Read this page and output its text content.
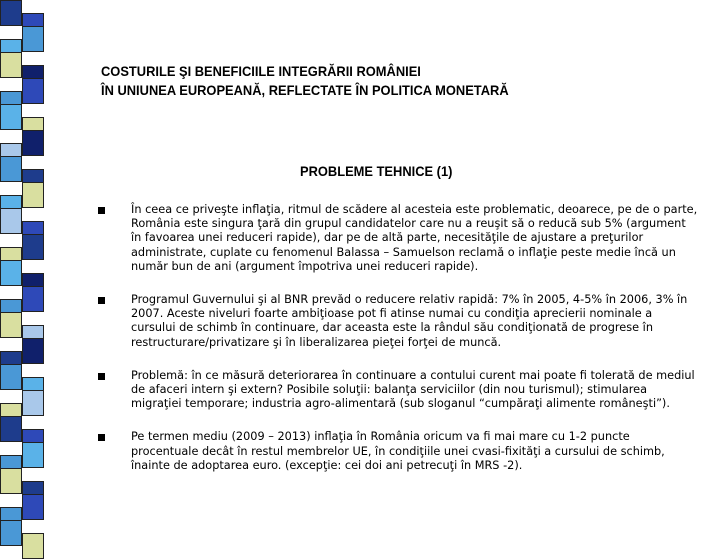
COSTURILE ŞI BENEFICIILE INTEGRĂRII ROMÂNIEI
ÎN UNIUNEA EUROPEANĂ, REFLECTATE ÎN POLITICA MONETARĂ
PROBLEME TEHNICE (1)
În ceea ce priveşte inflaţia, ritmul de scădere al acesteia este problematic, deoarece, pe de o parte, România este singura ţară din grupul candidatelor care nu a reuşit să o reducă sub 5% (argument în favoarea unei reduceri rapide), dar pe de altă parte, necesităţile de ajustare a preţurilor administrate, cuplate cu fenomenul Balassa – Samuelson reclamă o inflaţie peste medie încă un număr bun de ani (argument împotriva unei reduceri rapide).
Programul Guvernului şi al BNR prevăd o reducere relativ rapidă: 7% în 2005, 4-5% în 2006, 3% în 2007. Aceste niveluri foarte ambiţioase pot fi atinse numai cu condiţia aprecierii nominale a cursului de schimb în continuare, dar aceasta este la rândul său condiţionată de progrese în restructurare/privatizare şi în liberalizarea pieţei forţei de muncă.
Problemă: în ce măsură deteriorarea în continuare a contului curent mai poate fi tolerată de mediul de afaceri intern şi extern? Posibile soluţii: balanţa serviciilor (din nou turismul); stimularea migraţiei temporare; industria agro-alimentară (sub sloganul “cumpăraţi alimente româneşti”).
Pe termen mediu (2009 – 2013) inflaţia în România oricum va fi mai mare cu 1-2 puncte procentuale decât în restul membrelor UE, în condiţiile unei cvasi-fixităţi a cursului de schimb, înainte de adoptarea euro. (excepţie: cei doi ani petrecuţi în MRS -2).
